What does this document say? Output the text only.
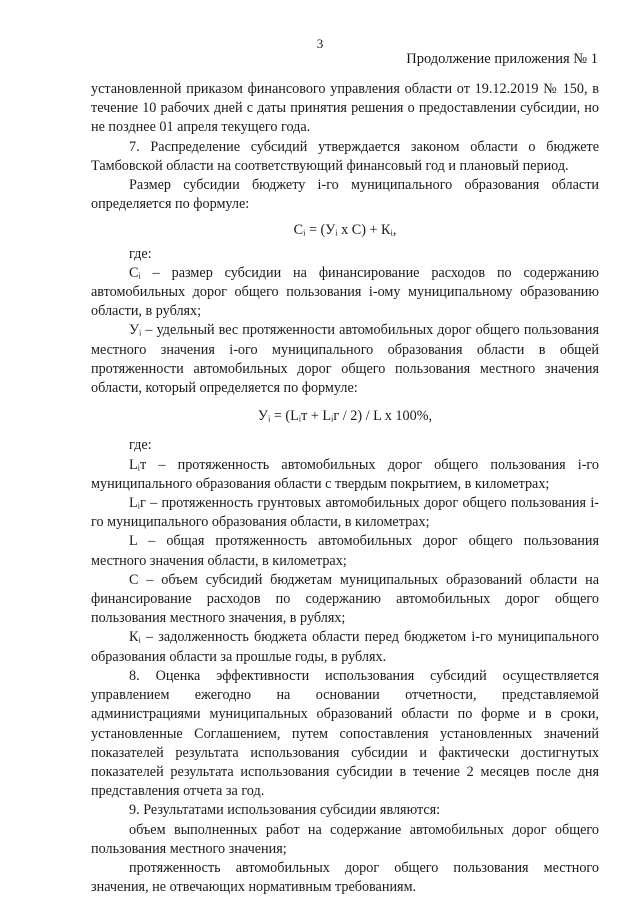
3
Продолжение приложения № 1

установленной приказом финансового управления области от 19.12.2019 № 150, в течение 10 рабочих дней с даты принятия решения о предоставлении субсидии, но не позднее 01 апреля текущего года.

7. Распределение субсидий утверждается законом области о бюджете Тамбовской области на соответствующий финансовый год и плановый период.

Размер субсидии бюджету i-го муниципального образования области определяется по формуле:

Сᵢ = (Уᵢ х С) + Кᵢ,

где:

Сᵢ – размер субсидии на финансирование расходов по содержанию автомобильных дорог общего пользования i-ому муниципальному образованию области, в рублях;

Уᵢ – удельный вес протяженности автомобильных дорог общего пользования местного значения i-ого муниципального образования области в общей протяженности автомобильных дорог общего пользования местного значения области, который определяется по формуле:

Уᵢ = (Lᵢт + Lᵢг / 2) / L х 100%,

где:

Lᵢт – протяженность автомобильных дорог общего пользования i-го муниципального образования области с твердым покрытием, в километрах;

Lᵢг – протяженность грунтовых автомобильных дорог общего пользования i-го муниципального образования области, в километрах;

L – общая протяженность автомобильных дорог общего пользования местного значения области, в километрах;

С – объем субсидий бюджетам муниципальных образований области на финансирование расходов по содержанию автомобильных дорог общего пользования местного значения, в рублях;

Кᵢ – задолженность бюджета области перед бюджетом i-го муниципального образования области за прошлые годы, в рублях.

8. Оценка эффективности использования субсидий осуществляется управлением ежегодно на основании отчетности, представляемой администрациями муниципальных образований области по форме и в сроки, установленные Соглашением, путем сопоставления установленных значений показателей результата использования субсидии и фактически достигнутых показателей результата использования субсидии в течение 2 месяцев после дня представления отчета за год.

9. Результатами использования субсидии являются:

объем выполненных работ на содержание автомобильных дорог общего пользования местного значения;

протяженность автомобильных дорог общего пользования местного значения, не отвечающих нормативным требованиям.
